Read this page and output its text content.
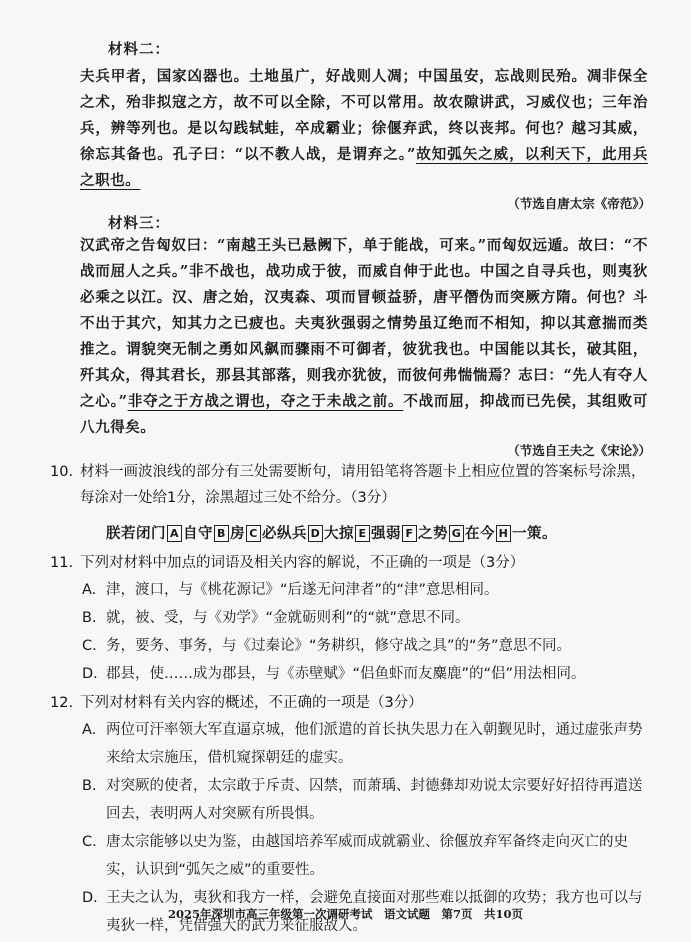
材料二：
夫兵甲者，国家凶器也。土地虽广，好战则人凋；中国虽安，忘战则民殆。凋非保全之术，殆非拟寇之方，故不可以全除，不可以常用。故农隙讲武，习威仪也；三年治兵，辨等列也。是以勾践轼蛙，卒成霸业；徐偃弃武，终以丧邦。何也？越习其威，徐忘其备也。孔子曰：“以不教人战，是谓弃之。”故知弧矢之威，以利天下，此用兵之职也。
（节选自唐太宗《帝范》）
材料三：
汉武帝之告匈奴曰：“南越王头已悬阙下，单于能战，可来。”而匈奴远遁。故曰：“不战而屈人之兵。”非不战也，战功成于彼，而威自伸于此也。中国之自寻兵也，则夷狄必乘之以江。汉、唐之始，汉夷森、项而冒顿益骄，唐平僭伪而突厥方隋。何也？斗不出于其穴，知其力之已疲也。夫夷狄强弱之情势虽辽绝而不相知，抑以其意揣而类推之。谓貌突无制之勇如风飙而骤雨不可御者，彼犹我也。中国能以其长，破其阻，歼其众，得其君长，那县其部落，则我亦犹彼，而彼何弗惴惴焉？志曰：“先人有夺人之心。”非夺之于方战之谓也，夺之于未战之前。不战而屈，抑战而已先侯，其组败可八九得矣。
（节选自王夫之《宋论》）
10. 材料一画波浪线的部分有三处需要断句，请用铅笔将答题卡上相应位置的答案标号涂黑，每涂对一处给1分，涂黑超过三处不给分。（3分）
朕若闭门 A 自守 B 房 C 必纵兵 D 大掠 E 强弱 F 之势 G 在今 H 一策。
11. 下列对材料中加点的词语及相关内容的解说，不正确的一项是（3分）
A. 津，渡口，与《桃花源记》“后遂无问津者”的“津”意思相同。
B. 就，被、受，与《劝学》“金就砺则利”的“就”意思不同。
C. 务，要务、事务，与《过秦论》“务耕织，修守战之具”的“务”意思不同。
D. 郡县，使……成为郡县，与《赤壁赋》“侣鱼虾而友麋鹿”的“侣”用法相同。
12. 下列对材料有关内容的概述，不正确的一项是（3分）
A. 两位可汗率领大军直逼京城，他们派遣的首长执失思力在入朝觐见时，通过虚张声势来给太宗施压，借机窥探朝廷的虚实。
B. 对突厥的使者，太宗敢于斥责、囚禁，而萧瑀、封德彝却劝说太宗要好好招待再遣送回去，表明两人对突厥有所畏惧。
C. 唐太宗能够以史为鉴，由越国培养军威而成就霸业、徐偃放弃军备终走向灭亡的史实，认识到“弧矢之威”的重要性。
D. 王夫之认为，夷狄和我方一样，会避免直接面对那些难以抵御的攻势；我方也可以与夷狄一样，凭借强大的武力来征服敌人。
2025年深圳市高三年级第一次调研考试　语文试题　第7页　共10页
